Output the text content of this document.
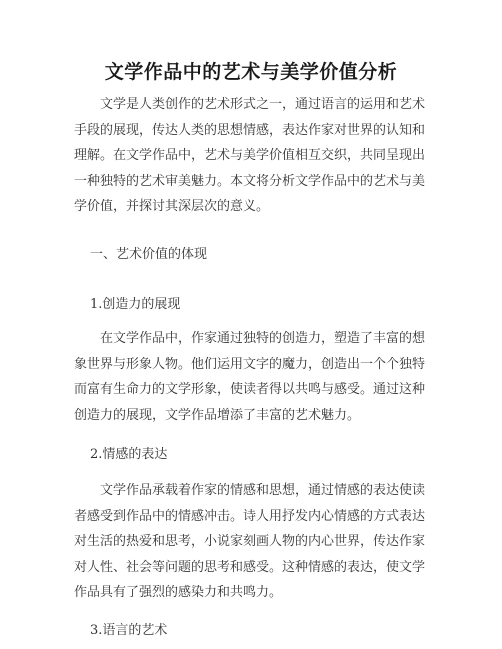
文学作品中的艺术与美学价值分析

文学是人类创作的艺术形式之一，通过语言的运用和艺术手段的展现，传达人类的思想情感，表达作家对世界的认知和理解。在文学作品中，艺术与美学价值相互交织，共同呈现出一种独特的艺术审美魅力。本文将分析文学作品中的艺术与美学价值，并探讨其深层次的意义。

一、艺术价值的体现

1.创造力的展现

在文学作品中，作家通过独特的创造力，塑造了丰富的想象世界与形象人物。他们运用文字的魔力，创造出一个个独特而富有生命力的文学形象，使读者得以共鸣与感受。通过这种创造力的展现，文学作品增添了丰富的艺术魅力。

2.情感的表达

文学作品承载着作家的情感和思想，通过情感的表达使读者感受到作品中的情感冲击。诗人用抒发内心情感的方式表达对生活的热爱和思考，小说家刻画人物的内心世界，传达作家对人性、社会等问题的思考和感受。这种情感的表达，使文学作品具有了强烈的感染力和共鸣力。

3.语言的艺术
